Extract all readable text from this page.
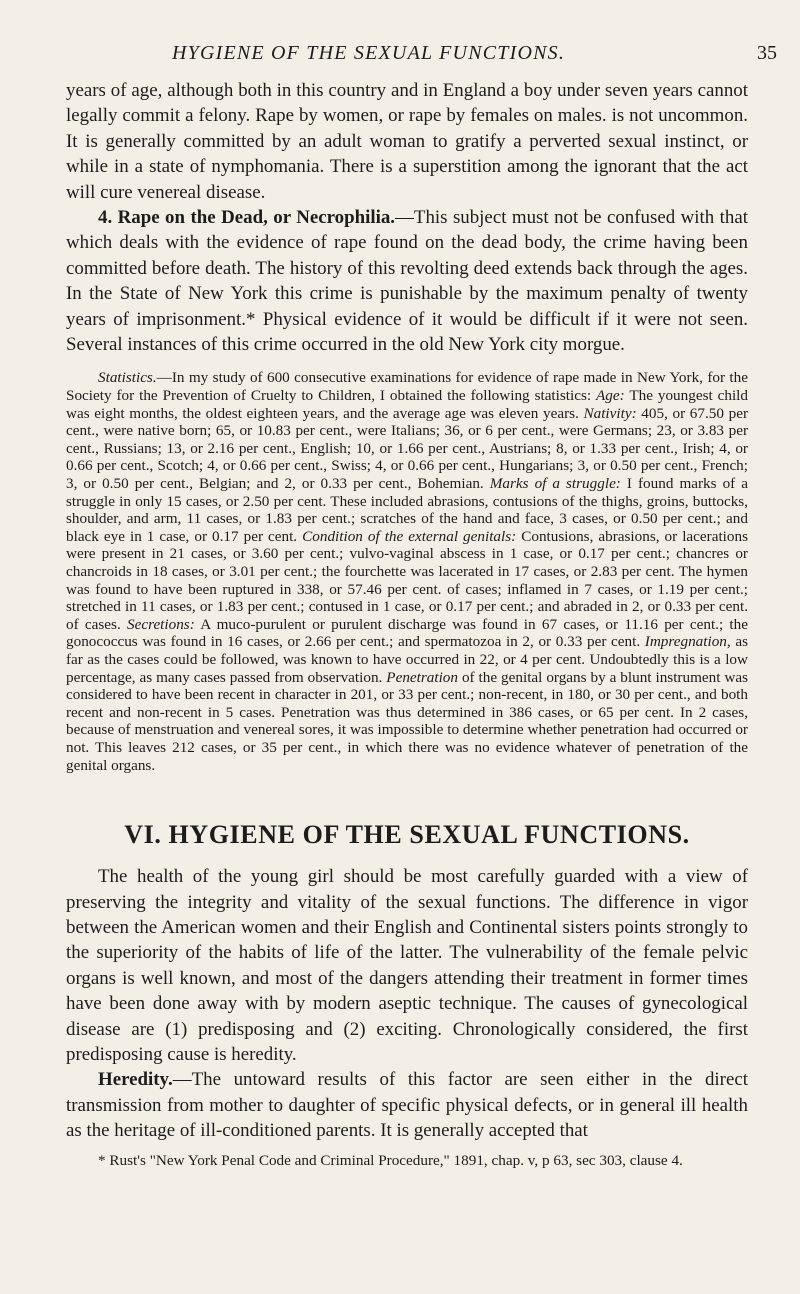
HYGIENE OF THE SEXUAL FUNCTIONS.	35

years of age, although both in this country and in England a boy under seven years cannot legally commit a felony. Rape by women, or rape by females on males. is not uncommon. It is generally committed by an adult woman to gratify a perverted sexual instinct, or while in a state of nymphomania. There is a superstition among the ignorant that the act will cure venereal disease.

4. Rape on the Dead, or Necrophilia.—This subject must not be confused with that which deals with the evidence of rape found on the dead body, the crime having been committed before death. The history of this revolting deed extends back through the ages. In the State of New York this crime is punishable by the maximum penalty of twenty years of imprisonment.* Physical evidence of it would be difficult if it were not seen. Several instances of this crime occurred in the old New York city morgue.

Statistics.—In my study of 600 consecutive examinations for evidence of rape made in New York, for the Society for the Prevention of Cruelty to Children, I obtained the following statistics: Age: The youngest child was eight months, the oldest eighteen years, and the average age was eleven years. Nativity: 405, or 67.50 per cent., were native born; 65, or 10.83 per cent., were Italians; 36, or 6 per cent., were Germans; 23, or 3.83 per cent., Russians; 13, or 2.16 per cent., English; 10, or 1.66 per cent., Austrians; 8, or 1.33 per cent., Irish; 4, or 0.66 per cent., Scotch; 4, or 0.66 per cent., Swiss; 4, or 0.66 per cent., Hungarians; 3, or 0.50 per cent., French; 3, or 0.50 per cent., Belgian; and 2, or 0.33 per cent., Bohemian. Marks of a struggle: I found marks of a struggle in only 15 cases, or 2.50 per cent. These included abrasions, contusions of the thighs, groins, buttocks, shoulder, and arm, 11 cases, or 1.83 per cent.; scratches of the hand and face, 3 cases, or 0.50 per cent.; and black eye in 1 case, or 0.17 per cent. Condition of the external genitals: Contusions, abrasions, or lacerations were present in 21 cases, or 3.60 per cent.; vulvo-vaginal abscess in 1 case, or 0.17 per cent.; chancres or chancroids in 18 cases, or 3.01 per cent.; the fourchette was lacerated in 17 cases, or 2.83 per cent. The hymen was found to have been ruptured in 338, or 57.46 per cent. of cases; inflamed in 7 cases, or 1.19 per cent.; stretched in 11 cases, or 1.83 per cent.; contused in 1 case, or 0.17 per cent.; and abraded in 2, or 0.33 per cent. of cases. Secretions: A muco-purulent or purulent discharge was found in 67 cases, or 11.16 per cent.; the gonococcus was found in 16 cases, or 2.66 per cent.; and spermatozoa in 2, or 0.33 per cent. Impregnation, as far as the cases could be followed, was known to have occurred in 22, or 4 per cent. Undoubtedly this is a low percentage, as many cases passed from observation. Penetration of the genital organs by a blunt instrument was considered to have been recent in character in 201, or 33 per cent.; non-recent, in 180, or 30 per cent., and both recent and non-recent in 5 cases. Penetration was thus determined in 386 cases, or 65 per cent. In 2 cases, because of menstruation and venereal sores, it was impossible to determine whether penetration had occurred or not. This leaves 212 cases, or 35 per cent., in which there was no evidence whatever of penetration of the genital organs.

VI. HYGIENE OF THE SEXUAL FUNCTIONS.

The health of the young girl should be most carefully guarded with a view of preserving the integrity and vitality of the sexual functions. The difference in vigor between the American women and their English and Continental sisters points strongly to the superiority of the habits of life of the latter. The vulnerability of the female pelvic organs is well known, and most of the dangers attending their treatment in former times have been done away with by modern aseptic technique. The causes of gynecological disease are (1) predisposing and (2) exciting. Chronologically considered, the first predisposing cause is heredity.

Heredity.—The untoward results of this factor are seen either in the direct transmission from mother to daughter of specific physical defects, or in general ill health as the heritage of ill-conditioned parents. It is generally accepted that

* Rust's "New York Penal Code and Criminal Procedure," 1891, chap. v, p 63, sec 303, clause 4.
